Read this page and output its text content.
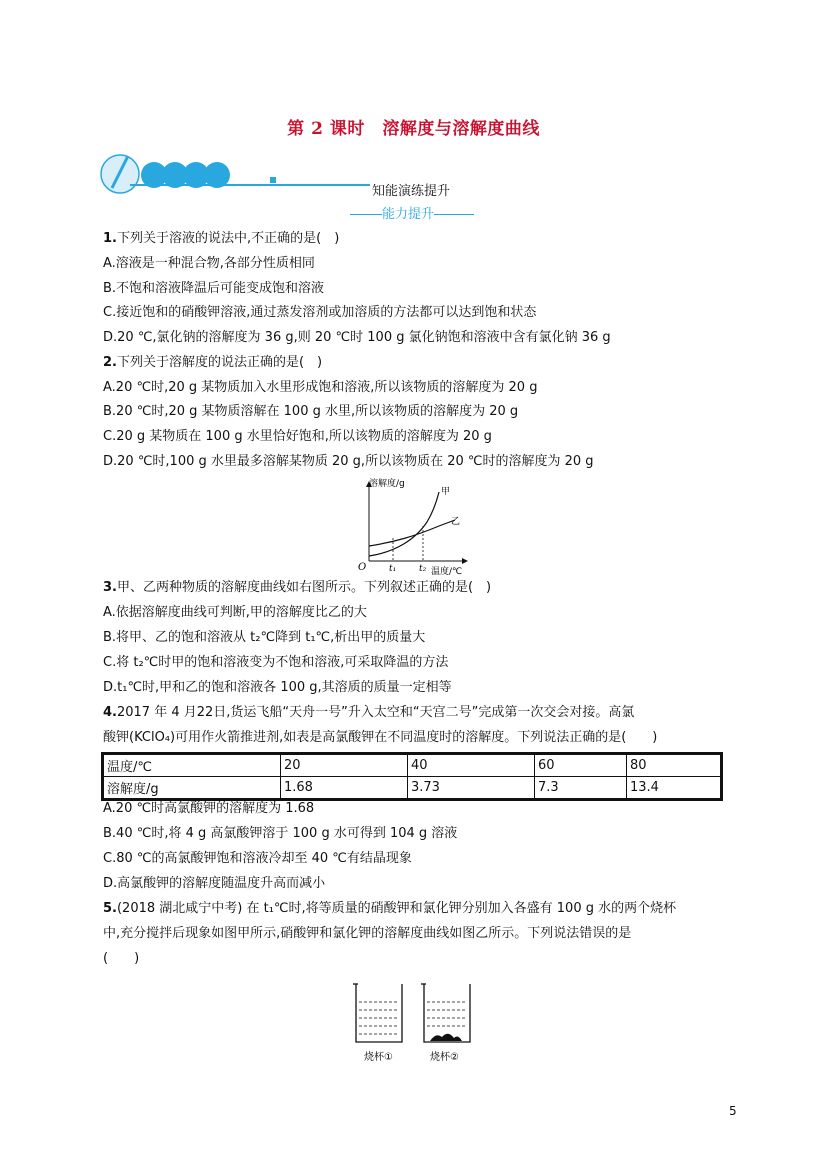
第 2 课时　溶解度与溶解度曲线
知能演练提升
能力提升
1.下列关于溶液的说法中,不正确的是(　)
A.溶液是一种混合物,各部分性质相同
B.不饱和溶液降温后可能变成饱和溶液
C.接近饱和的硝酸钾溶液,通过蒸发溶剂或加溶质的方法都可以达到饱和状态
D.20 ℃,氯化钠的溶解度为 36 g,则 20 ℃时 100 g 氯化钠饱和溶液中含有氯化钠 36 g
2.下列关于溶解度的说法正确的是(　)
A.20 ℃时,20 g 某物质加入水里形成饱和溶液,所以该物质的溶解度为 20 g
B.20 ℃时,20 g 某物质溶解在 100 g 水里,所以该物质的溶解度为 20 g
C.20 g 某物质在 100 g 水里恰好饱和,所以该物质的溶解度为 20 g
D.20 ℃时,100 g 水里最多溶解某物质 20 g,所以该物质在 20 ℃时的溶解度为 20 g
溶解度/g
甲
乙
O	t₁	t₂ 温度/℃
3.甲、乙两种物质的溶解度曲线如右图所示。下列叙述正确的是(　)
A.依据溶解度曲线可判断,甲的溶解度比乙的大
B.将甲、乙的饱和溶液从 t₂℃降到 t₁℃,析出甲的质量大
C.将 t₂℃时甲的饱和溶液变为不饱和溶液,可采取降温的方法
D.t₁℃时,甲和乙的饱和溶液各 100 g,其溶质的质量一定相等
4.2017 年 4 月22日,货运飞船“天舟一号”升入太空和“天宫二号”完成第一次交会对接。高氯
酸钾(KClO₄)可用作火箭推进剂,如表是高氯酸钾在不同温度时的溶解度。下列说法正确的是(　　)
温度/℃	20	40	60	80
溶解度/g	1.68	3.73	7.3	13.4
A.20 ℃时高氯酸钾的溶解度为 1.68
B.40 ℃时,将 4 g 高氯酸钾溶于 100 g 水可得到 104 g 溶液
C.80 ℃的高氯酸钾饱和溶液冷却至 40 ℃有结晶现象
D.高氯酸钾的溶解度随温度升高而减小
5.(2018 湖北咸宁中考) 在 t₁℃时,将等质量的硝酸钾和氯化钾分别加入各盛有 100 g 水的两个烧杯
中,充分搅拌后现象如图甲所示,硝酸钾和氯化钾的溶解度曲线如图乙所示。下列说法错误的是
(　　)
烧杯①	烧杯②
5
